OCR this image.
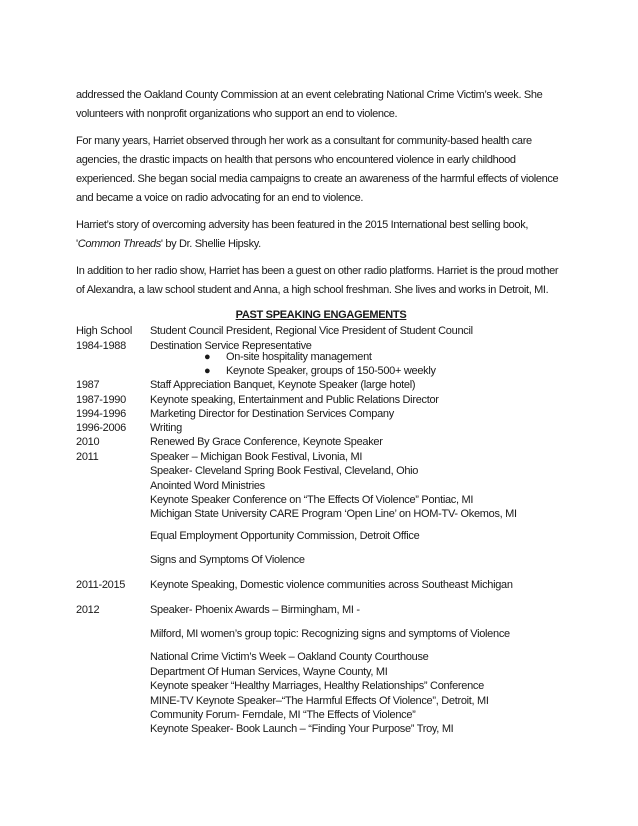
addressed the Oakland County Commission at an event celebrating National Crime Victim’s week. She volunteers with nonprofit organizations who support an end to violence.

For many years, Harriet observed through her work as a consultant for community-based health care agencies, the drastic impacts on health that persons who encountered violence in early childhood experienced. She began social media campaigns to create an awareness of the harmful effects of violence and became a voice on radio advocating for an end to violence.

Harriet’s story of overcoming adversity has been featured in the 2015 International best selling book, 'Common Threads' by Dr. Shellie Hipsky.

In addition to her radio show, Harriet has been a guest on other radio platforms. Harriet is the proud mother of Alexandra, a law school student and Anna, a high school freshman. She lives and works in Detroit, MI.

PAST SPEAKING ENGAGEMENTS
High School	Student Council President, Regional Vice President of Student Council
1984-1988	Destination Service Representative
● On-site hospitality management
● Keynote Speaker, groups of 150-500+ weekly
1987	Staff Appreciation Banquet, Keynote Speaker (large hotel)
1987-1990	Keynote speaking, Entertainment and Public Relations Director
1994-1996	Marketing Director for Destination Services Company
1996-2006	Writing
2010	Renewed By Grace Conference, Keynote Speaker
2011	Speaker – Michigan Book Festival, Livonia, MI
Speaker- Cleveland Spring Book Festival, Cleveland, Ohio
Anointed Word Ministries
Keynote Speaker Conference on “The Effects Of Violence” Pontiac, MI
Michigan State University CARE Program ‘Open Line’ on HOM-TV- Okemos, MI
Equal Employment Opportunity Commission, Detroit Office
Signs and Symptoms Of Violence
2011-2015	Keynote Speaking, Domestic violence communities across Southeast Michigan
2012	Speaker- Phoenix Awards – Birmingham, MI -
Milford, MI women’s group topic: Recognizing signs and symptoms of Violence
National Crime Victim’s Week – Oakland County Courthouse
Department Of Human Services, Wayne County, MI
Keynote speaker “Healthy Marriages, Healthy Relationships” Conference
MINE-TV Keynote Speaker–“The Harmful Effects Of Violence”, Detroit, MI
Community Forum- Ferndale, MI “The Effects of Violence”
Keynote Speaker- Book Launch – “Finding Your Purpose” Troy, MI
